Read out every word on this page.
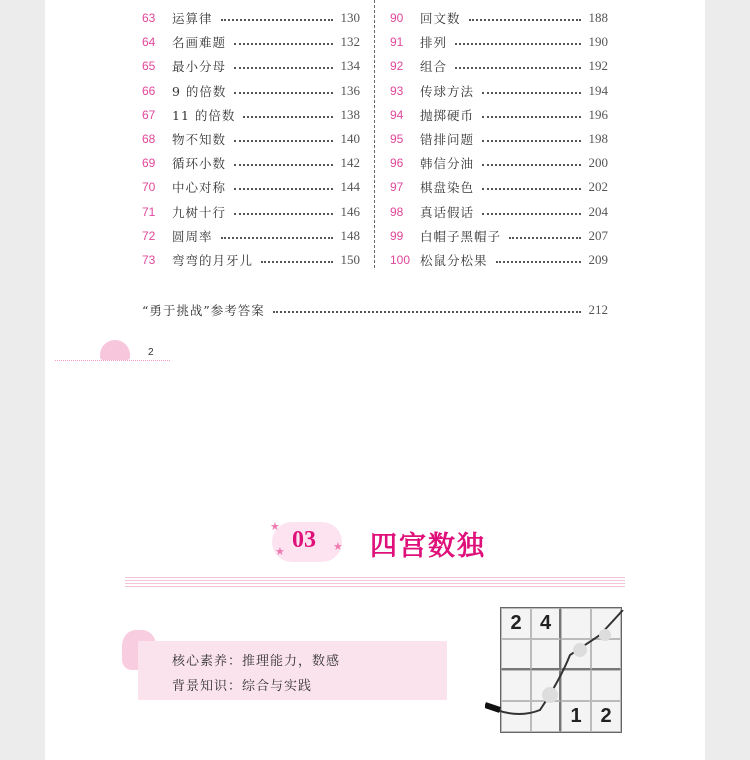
63	运算律	130
64	名画难题	132
65	最小分母	134
66	9 的倍数	136
67	11 的倍数	138
68	物不知数	140
69	循环小数	142
70	中心对称	144
71	九树十行	146
72	圆周率	148
73	弯弯的月牙儿	150
90	回文数	188
91	排列	190
92	组合	192
93	传球方法	194
94	抛掷硬币	196
95	错排问题	198
96	韩信分油	200
97	棋盘染色	202
98	真话假话	204
99	白帽子黑帽子	207
100 松鼠分松果	209
“勇于挑战”参考答案	212
2
★
★	★
03 四宫数独
核心素养：推理能力，数感
背景知识：综合与实践
2 4
1 2
